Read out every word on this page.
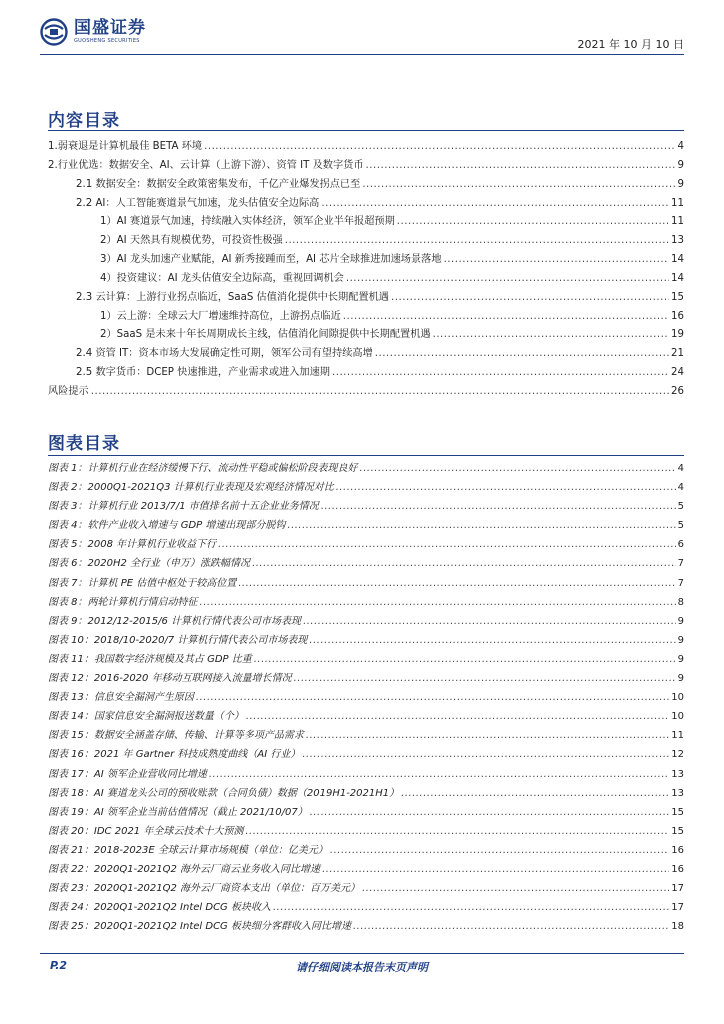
国盛证券
GUOSHENG SECURITIES	2021 年 10 月 10 日
内容目录
1.弱衰退是计算机最佳 BETA 环境 .....	4
2.行业优选：数据安全、AI、云计算（上游下游）、资管 IT 及数字货币 .....	9
2.1 数据安全：数据安全政策密集发布，千亿产业爆发拐点已至 .....	9
2.2 AI：人工智能赛道景气加速，龙头估值安全边际高 .....	11
1）AI 赛道景气加速，持续融入实体经济，领军企业半年报超预期 .....	11
2）AI 天然具有规模优势，可投资性极强 .....	13
3）AI 龙头加速产业赋能，AI 新秀接踵而至，AI 芯片全球推进加速场景落地 .....	14
4）投资建议：AI 龙头估值安全边际高，重视回调机会 .....	14
2.3 云计算：上游行业拐点临近，SaaS 估值消化提供中长期配置机遇 .....	15
1）云上游：全球云大厂增速维持高位，上游拐点临近 .....	16
2）SaaS 是未来十年长周期成长主线，估值消化间隙提供中长期配置机遇 .....	19
2.4 资管 IT：资本市场大发展确定性可期，领军公司有望持续高增 .....	21
2.5 数字货币：DCEP 快速推进，产业需求或进入加速期 .....	24
风险提示 .....	26
图表目录
图表 1：计算机行业在经济缓慢下行、流动性平稳或偏松阶段表现良好 .....	4
图表 2：2000Q1-2021Q3 计算机行业表现及宏观经济情况对比 .....	4
图表 3：计算机行业 2013/7/1 市值排名前十五企业业务情况 .....	5
图表 4：软件产业收入增速与 GDP 增速出现部分脱钩 .....	5
图表 5：2008 年计算机行业收益下行 .....	6
图表 6：2020H2 全行业（申万）涨跌幅情况 .....	7
图表 7：计算机 PE 估值中枢处于较高位置 .....	7
图表 8：两轮计算机行情启动特征 .....	8
图表 9：2012/12-2015/6 计算机行情代表公司市场表现 .....	9
图表 10：2018/10-2020/7 计算机行情代表公司市场表现 .....	9
图表 11：我国数字经济规模及其占 GDP 比重 .....	9
图表 12：2016-2020 年移动互联网接入流量增长情况 .....	9
图表 13：信息安全漏洞产生原因 .....	10
图表 14：国家信息安全漏洞报送数量（个） .....	10
图表 15：数据安全涵盖存储、传输、计算等多项产品需求 .....	11
图表 16：2021 年 Gartner 科技成熟度曲线（AI 行业） .....	12
图表 17：AI 领军企业营收同比增速 .....	13
图表 18：AI 赛道龙头公司的预收账款（合同负债）数据（2019H1-2021H1） .....	13
图表 19：AI 领军企业当前估值情况（截止 2021/10/07） .....	15
图表 20：IDC 2021 年全球云技术十大预测 .....	15
图表 21：2018-2023E 全球云计算市场规模（单位：亿美元） .....	16
图表 22：2020Q1-2021Q2 海外云厂商云业务收入同比增速 .....	16
图表 23：2020Q1-2021Q2 海外云厂商资本支出（单位：百万美元） .....	17
图表 24：2020Q1-2021Q2 Intel DCG 板块收入 .....	17
图表 25：2020Q1-2021Q2 Intel DCG 板块细分客群收入同比增速 .....	18
P.2	请仔细阅读本报告末页声明
